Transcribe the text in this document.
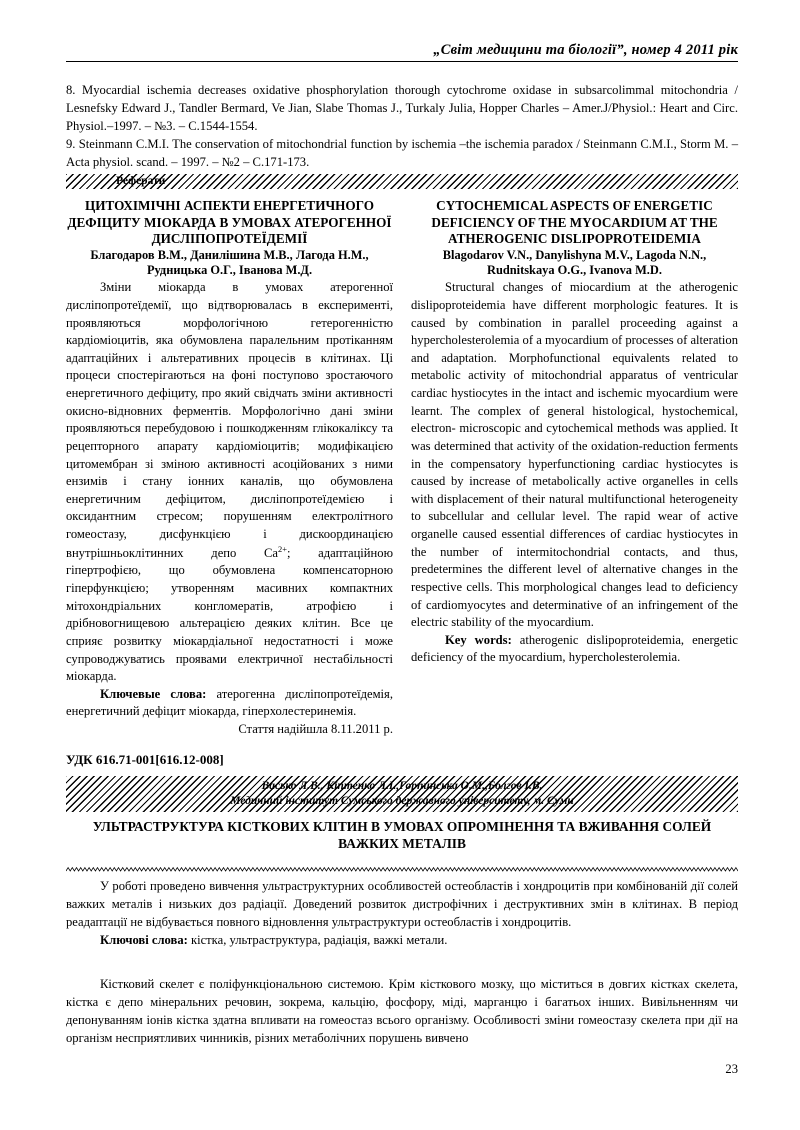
„Світ медицини та біології”, номер 4 2011 рік

8. Myocardial ischemia decreases oxidative phosphorylation thorough cytochrome oxidase in subsarcolimmal mitochondria / Lesnefsky Edward J., Tandler Bermard, Ve Jian, Slabe Thomas J., Turkaly Julia, Hopper Charles – Amer.J/Physiol.: Heart and Circ. Physiol.–1997. – №3. – С.1544-1554.

9. Steinmann C.M.I. The conservation of mitochondrial function by ischemia –the ischemia paradox / Steinmann C.M.I., Storm M. – Acta physiol. scand. – 1997. – №2 – С.171-173.

Реферати

ЦИТОХІМІЧНІ АСПЕКТИ ЕНЕРГЕТИЧНОГО ДЕФІЦИТУ МІОКАРДА В УМОВАХ АТЕРОГЕННОЇ ДИСЛІПОПРОТЕЇДЕМІЇ

Благодаров В.М., Данилішина М.В., Лагода Н.М., Рудницька О.Г., Іванова М.Д.

Зміни міокарда в умовах атерогенної дисліпопротеїдемії, що відтворювалась в експерименті, проявляються морфологічною гетерогенністю кардіоміоцитів, яка обумовлена паралельним протіканням адаптаційних і альтеративних процесів в клітинах. Ці процеси спостерігаються на фоні поступово зростаючого енергетичного дефіциту, про який свідчать зміни активності окисно-відновних ферментів. Морфологічно дані зміни проявляються перебудовою і пошкодженням глікокаліксу та рецепторного апарату кардіоміоцитів; модифікацією цитомембран зі зміною активності асоційованих з ними ензимів і стану іонних каналів, що обумовлена енергетичним дефіцитом, дисліпопротеїдемією і оксидантним стресом; порушенням електролітного гомеостазу, дисфункцією і дискоординацією внутрішньоклітинних депо $Ca^{2+}$; адаптаційною гіпертрофією, що обумовлена компенсаторною гіперфункцією; утворенням масивних компактних мітохондріальних конгломератів, атрофією і дрібновогнищевою альтерацією деяких клітин. Все це сприяє розвитку міокардіальної недостатності і може супроводжуватись проявами електричної нестабільності міокарда.

Ключевые слова: атерогенна дисліпопротеїдемія, енергетичний дефіцит міокарда, гіперхолестеринемія.

Стаття надійшла 8.11.2011 р.

CYTOCHEMICAL ASPECTS OF ENERGETIC DEFICIENCY OF THE MYOCARDIUM AT THE ATHEROGENIC DISLIPOPROTEIDEMIA

Blagodarov V.N., Danylishyna M.V., Lagoda N.N., Rudnitskaya O.G., Ivanova M.D.

Structural changes of miocardium at the atherogenic dislipoproteidemia have different morphologic features. It is caused by combination in parallel proceeding against a hypercholesterolemia of a myocardium of processes of alteration and adaptation. Morphofunctional equivalents related to metabolic activity of mitochondrial apparatus of ventricular cardiac hystiocytes in the intact and ischemic myocardium were learnt. The complex of general histological, hystochemical, electron- microscopic and cytochemical methods was applied. It was determined that activity of the oxidation-reduction ferments in the compensatory hyperfunctioning cardiac hystiocytes is caused by increase of metabolically active organelles in cells with displacement of their natural multifunctional heterogeneity to subcellular and cellular level. The rapid wear of active organelle caused essential differences of cardiac hystiocytes in the number of intermitochondrial contacts, and thus, predetermines the different level of alternative changes in the respective cells. This morphological changes lead to deficiency of cardiomyocytes and determinative of an infringement of the electric stability of the myocardium.

Key words: atherogenic dislipoproteidemia, energetic deficiency of the myocardium, hypercholesterolemia.

УДК 616.71-001[616.12-008]
Васько Л.В., Кіптенко Л.І.,Горпинська О.М.,Болгов І.В.
Медичний інститут Сумського державного університету, м. Суми
УЛЬТРАСТРУКТУРА КІСТКОВИХ КЛІТИН В УМОВАХ ОПРОМІНЕННЯ ТА ВЖИВАННЯ СОЛЕЙ ВАЖКИХ МЕТАЛІВ

У роботі проведено вивчення ультраструктурних особливостей остеобластів і хондроцитів при комбінованій дії солей важких металів і низьких доз радіації. Доведений розвиток дистрофічних і деструктивних змін в клітинах. В період реадаптації не відбувається повного відновлення ультраструктури остеобластів і хондроцитів.

Ключові слова: кістка, ультраструктура, радіація, важкі метали.

Кістковий скелет є поліфункціональною системою. Крім кісткового мозку, що міститься в довгих кістках скелета, кістка є депо мінеральних речовин, зокрема, кальцію, фосфору, міді, марганцю і багатьох інших. Вивільненням чи депонуванням іонів кістка здатна впливати на гомеостаз всього організму. Особливості зміни гомеостазу скелета при дії на організм несприятливих чинників, різних метаболічних порушень вивчено

23
